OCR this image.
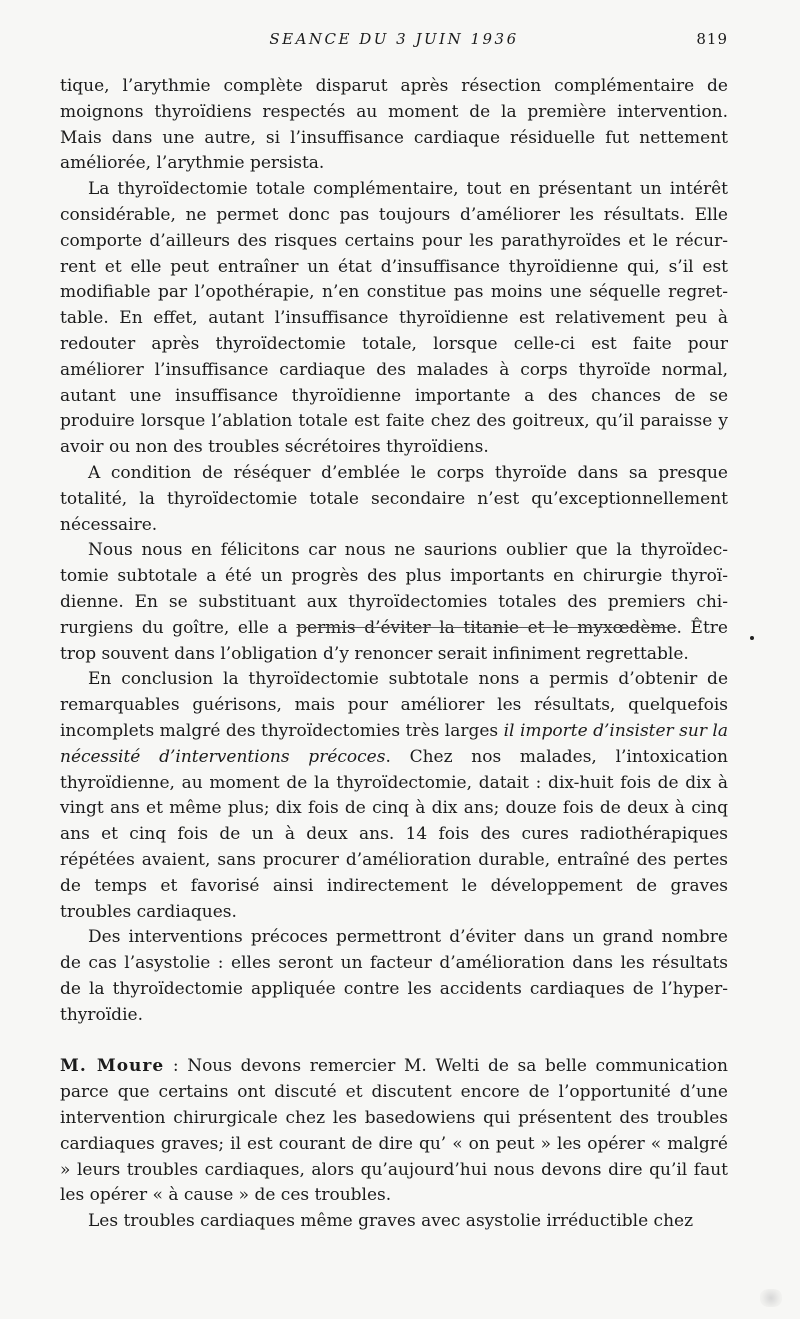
SEANCE DU 3 JUIN 1936	819

tique, l’arythmie complète disparut après résection complémentaire de moignons thyroïdiens respectés au moment de la première intervention. Mais dans une autre, si l’insuffisance cardiaque résiduelle fut nettement améliorée, l’arythmie persista.

La thyroïdectomie totale complémentaire, tout en présentant un intérêt considérable, ne permet donc pas toujours d’améliorer les résultats. Elle comporte d’ailleurs des risques certains pour les parathyroïdes et le récurrent et elle peut entraîner un état d’insuffisance thyroïdienne qui, s’il est modifiable par l’opothérapie, n’en constitue pas moins une séquelle regrettable. En effet, autant l’insuffisance thyroïdienne est relativement peu à redouter après thyroïdectomie totale, lorsque celle-ci est faite pour améliorer l’insuffisance cardiaque des malades à corps thyroïde normal, autant une insuffisance thyroïdienne importante a des chances de se produire lorsque l’ablation totale est faite chez des goitreux, qu’il paraisse y avoir ou non des troubles sécrétoires thyroïdiens.

A condition de réséquer d’emblée le corps thyroïde dans sa presque totalité, la thyroïdectomie totale secondaire n’est qu’exceptionnellement nécessaire.

Nous nous en félicitons car nous ne saurions oublier que la thyroïdectomie subtotale a été un progrès des plus importants en chirurgie thyroïdienne. En se substituant aux thyroïdectomies totales des premiers chirurgiens du goître, elle a permis d’éviter la titanie et le myxœdème. Être trop souvent dans l’obligation d’y renoncer serait infiniment regrettable.

En conclusion la thyroïdectomie subtotale nons a permis d’obtenir de remarquables guérisons, mais pour améliorer les résultats, quelquefois incomplets malgré des thyroïdectomies très larges il importe d’insister sur la nécessité d’interventions précoces. Chez nos malades, l’intoxication thyroïdienne, au moment de la thyroïdectomie, datait : dix-huit fois de dix à vingt ans et même plus; dix fois de cinq à dix ans; douze fois de deux à cinq ans et cinq fois de un à deux ans. 14 fois des cures radiothérapiques répétées avaient, sans procurer d’amélioration durable, entraîné des pertes de temps et favorisé ainsi indirectement le développement de graves troubles cardiaques.

Des interventions précoces permettront d’éviter dans un grand nombre de cas l’asystolie : elles seront un facteur d’amélioration dans les résultats de la thyroïdectomie appliquée contre les accidents cardiaques de l’hyperthyroïdie.

M. Moure : Nous devons remercier M. Welti de sa belle communication parce que certains ont discuté et discutent encore de l’opportunité d’une intervention chirurgicale chez les basedowiens qui présentent des troubles cardiaques graves; il est courant de dire qu’ « on peut » les opérer « malgré » leurs troubles cardiaques, alors qu’aujourd’hui nous devons dire qu’il faut les opérer « à cause » de ces troubles.

Les troubles cardiaques même graves avec asystolie irréductible chez
